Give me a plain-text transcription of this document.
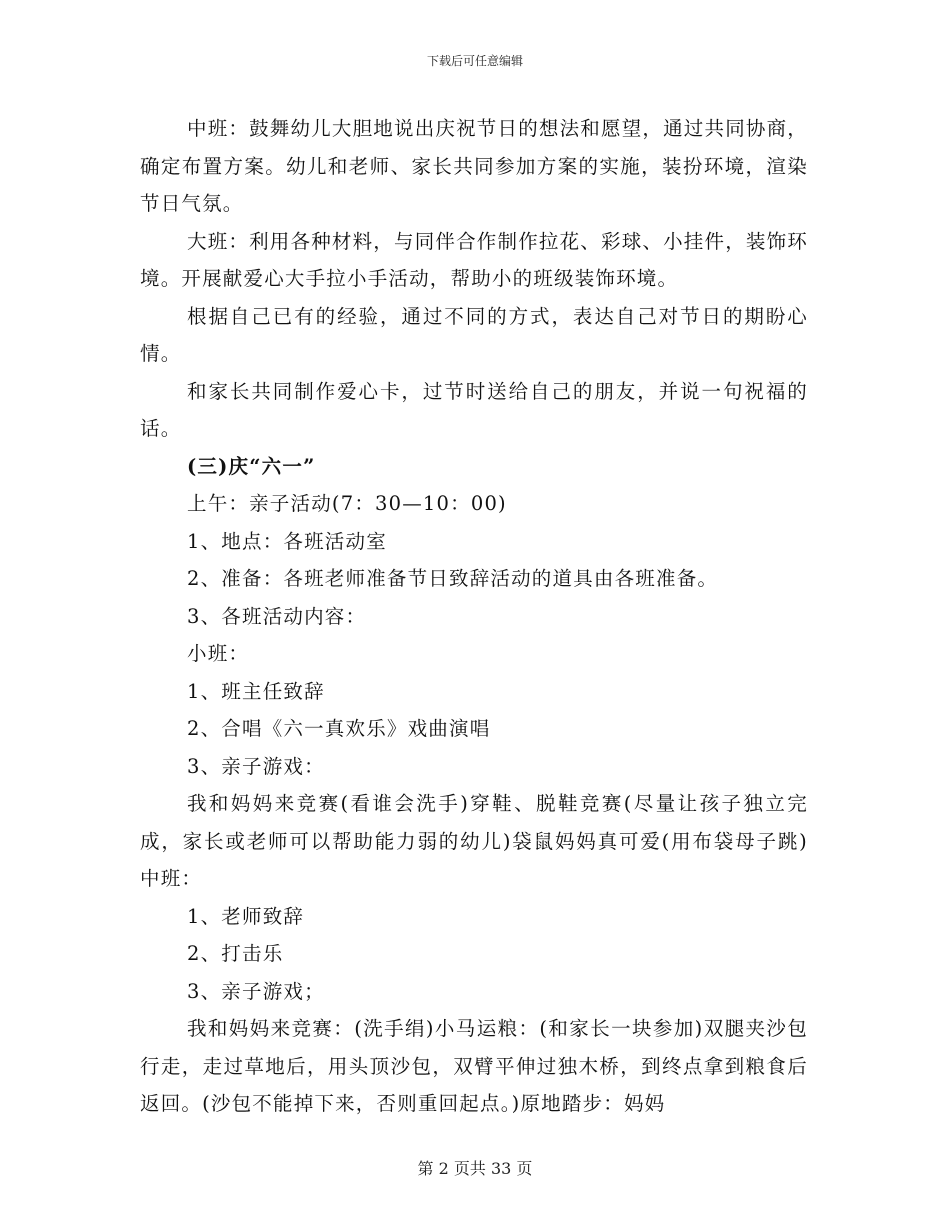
下载后可任意编辑

中班：鼓舞幼儿大胆地说出庆祝节日的想法和愿望，通过共同协商，确定布置方案。幼儿和老师、家长共同参加方案的实施，装扮环境，渲染节日气氛。

大班：利用各种材料，与同伴合作制作拉花、彩球、小挂件，装饰环境。开展献爱心大手拉小手活动，帮助小的班级装饰环境。

根据自己已有的经验，通过不同的方式，表达自己对节日的期盼心情。

和家长共同制作爱心卡，过节时送给自己的朋友，并说一句祝福的话。

(三)庆“六一”

上午：亲子活动(7：30—10：00)

1、地点：各班活动室

2、准备：各班老师准备节日致辞活动的道具由各班准备。

3、各班活动内容：

小班：

1、班主任致辞

2、合唱《六一真欢乐》戏曲演唱

3、亲子游戏：

我和妈妈来竞赛(看谁会洗手)穿鞋、脱鞋竞赛(尽量让孩子独立完成，家长或老师可以帮助能力弱的幼儿)袋鼠妈妈真可爱(用布袋母子跳)中班：

1、老师致辞

2、打击乐

3、亲子游戏；

我和妈妈来竞赛：(洗手绢)小马运粮：(和家长一块参加)双腿夹沙包行走，走过草地后，用头顶沙包，双臂平伸过独木桥，到终点拿到粮食后返回。(沙包不能掉下来，否则重回起点。)原地踏步：妈妈

第 2 页共 33 页
